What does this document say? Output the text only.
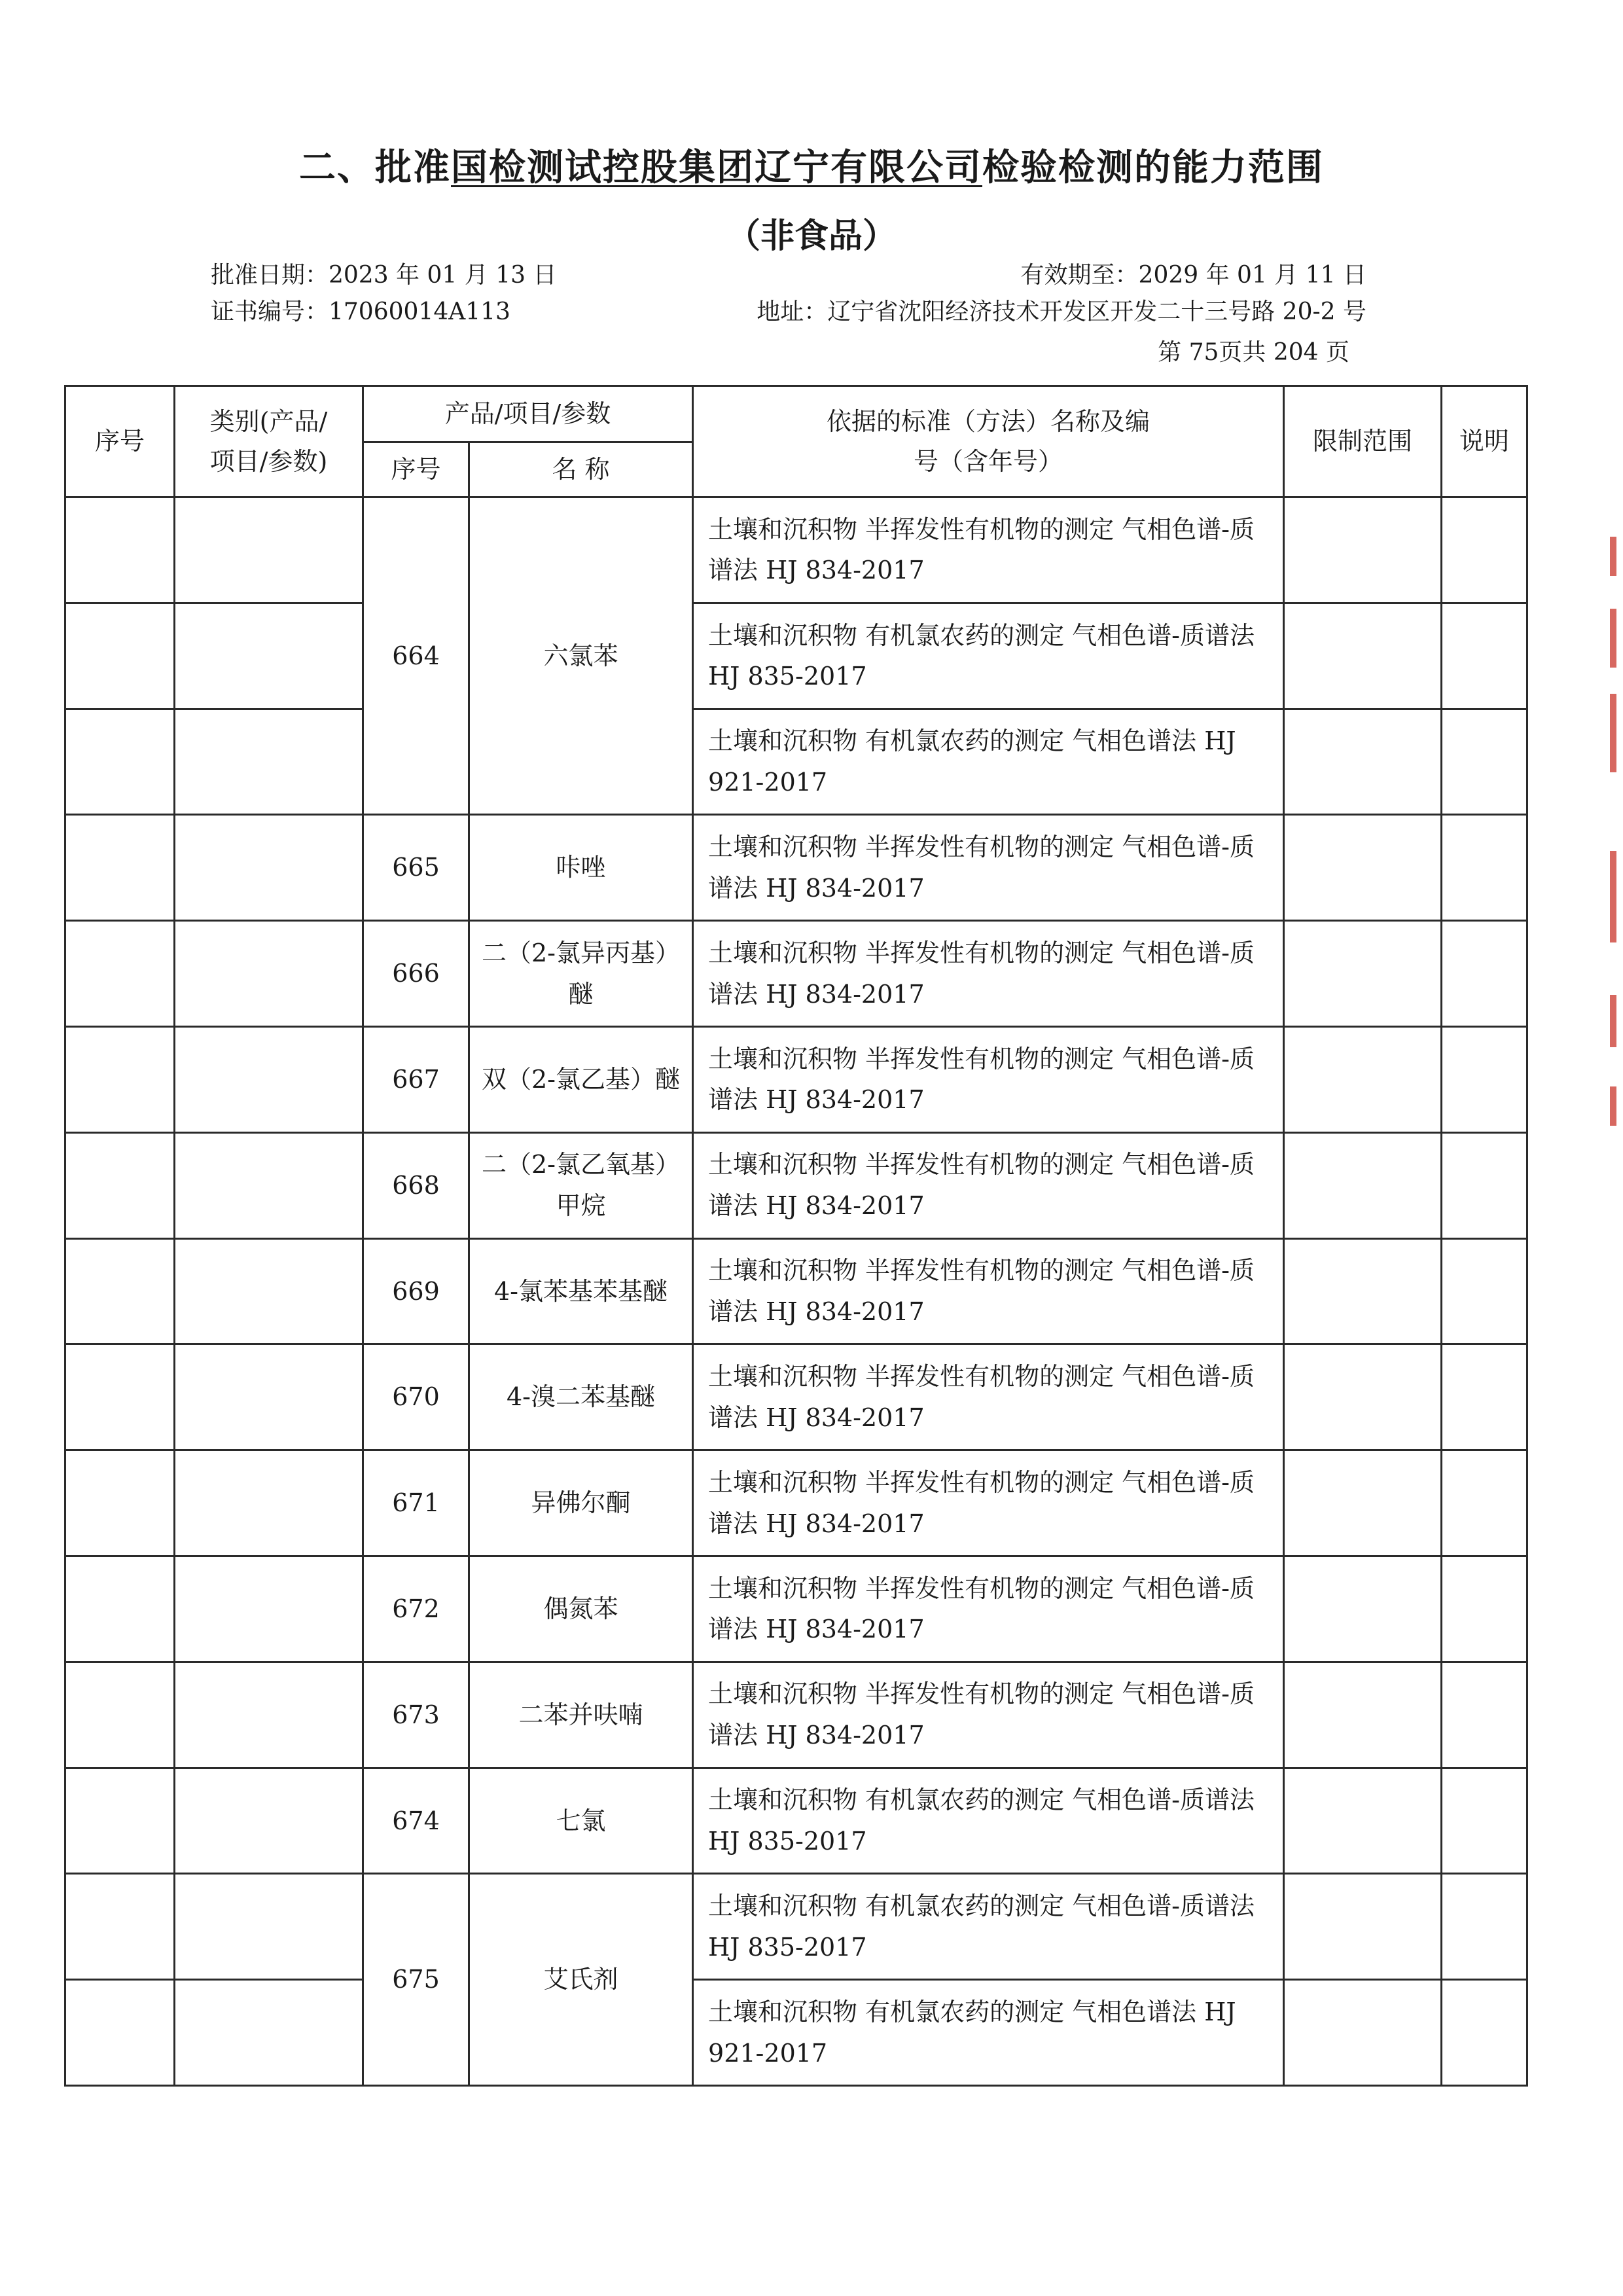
二、批准国检测试控股集团辽宁有限公司检验检测的能力范围
（非食品）
批准日期：2023 年 01 月 13 日	有效期至：2029 年 01 月 11 日
证书编号：17060014A113	地址：辽宁省沈阳经济技术开发区开发二十三号路 20-2 号
第 75页共 204 页
序号	类别(产品/项目/参数)	产品/项目/参数		依据的标准（方法）名称及编号（含年号）	限制范围	说明
		序号	名 称			
		664	六氯苯	土壤和沉积物 半挥发性有机物的测定 气相色谱-质谱法 HJ 834-2017		
				土壤和沉积物 有机氯农药的测定 气相色谱-质谱法 HJ 835-2017		
				土壤和沉积物 有机氯农药的测定 气相色谱法 HJ 921-2017		
		665	咔唑	土壤和沉积物 半挥发性有机物的测定 气相色谱-质谱法 HJ 834-2017		
		666	二（2-氯异丙基）醚	土壤和沉积物 半挥发性有机物的测定 气相色谱-质谱法 HJ 834-2017		
		667	双（2-氯乙基）醚	土壤和沉积物 半挥发性有机物的测定 气相色谱-质谱法 HJ 834-2017		
		668	二（2-氯乙氧基）甲烷	土壤和沉积物 半挥发性有机物的测定 气相色谱-质谱法 HJ 834-2017		
		669	4-氯苯基苯基醚	土壤和沉积物 半挥发性有机物的测定 气相色谱-质谱法 HJ 834-2017		
		670	4-溴二苯基醚	土壤和沉积物 半挥发性有机物的测定 气相色谱-质谱法 HJ 834-2017		
		671	异佛尔酮	土壤和沉积物 半挥发性有机物的测定 气相色谱-质谱法 HJ 834-2017		
		672	偶氮苯	土壤和沉积物 半挥发性有机物的测定 气相色谱-质谱法 HJ 834-2017		
		673	二苯并呋喃	土壤和沉积物 半挥发性有机物的测定 气相色谱-质谱法 HJ 834-2017		
		674	七氯	土壤和沉积物 有机氯农药的测定 气相色谱-质谱法 HJ 835-2017		
		675	艾氏剂	土壤和沉积物 有机氯农药的测定 气相色谱-质谱法 HJ 835-2017		
				土壤和沉积物 有机氯农药的测定 气相色谱法 HJ 921-2017		
